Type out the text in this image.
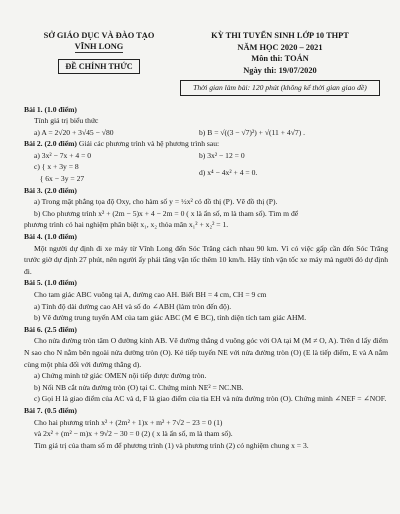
SỞ GIÁO DỤC VÀ ĐÀO TẠO
VĨNH LONG
ĐỀ CHÍNH THỨC
KỲ THI TUYỂN SINH LỚP 10 THPT
NĂM HỌC 2020 – 2021
Môn thi: TOÁN
Ngày thi: 19/07/2020
Thời gian làm bài: 120 phút (không kể thời gian giao đề)
Bài 1. (1.0 điểm)
Tính giá trị biểu thức
a) A = 2√20 + 3√45 − √80	b) B = √((3 − √7)²) + √(11 + 4√7) .
Bài 2. (2.0 điểm) Giải các phương trình và hệ phương trình sau:
a) 3x² − 7x + 4 = 0	b) 3x² − 12 = 0
c) { x + 3y = 8
{ 6x − 3y = 27
d) x⁴ − 4x² + 4 = 0.
Bài 3. (2.0 điểm)
a) Trong mặt phẳng tọa độ Oxy, cho hàm số y = ½x² có đồ thị (P). Vẽ đồ thị (P).
b) Cho phương trình x² + (2m − 5)x + 4 − 2m = 0 ( x là ẩn số, m là tham số). Tìm m để
phương trình có hai nghiệm phân biệt x₁, x₂ thỏa mãn x₁² + x₂² = 1.
Bài 4. (1.0 điểm)
Một người dự định đi xe máy từ Vĩnh Long đến Sóc Trăng cách nhau 90 km. Vì có việc gấp cần đến Sóc Trăng trước giờ dự định 27 phút, nên người ấy phải tăng vận tốc thêm 10 km/h. Hãy tính vận tốc xe máy mà người đó dự định đi.
Bài 5. (1.0 điểm)
Cho tam giác ABC vuông tại A, đường cao AH. Biết BH = 4 cm, CH = 9 cm
a) Tính độ dài đường cao AH và số đo ∠ABH (làm tròn đến độ).
b) Vẽ đường trung tuyến AM của tam giác ABC (M ∈ BC), tính diện tích tam giác AHM.
Bài 6. (2.5 điểm)
Cho nửa đường tròn tâm O đường kính AB. Vẽ đường thẳng d vuông góc với OA tại M (M ≠ O, A). Trên d lấy điểm N sao cho N nằm bên ngoài nửa đường tròn (O). Kẻ tiếp tuyến NE với nửa đường tròn (O) (E là tiếp điểm, E và A nằm cùng một phía đối với đường thẳng d).
a) Chứng minh tứ giác OMEN nội tiếp được đường tròn.
b) Nối NB cắt nửa đường tròn (O) tại C. Chứng minh NE² = NC.NB.
c) Gọi H là giao điểm của AC và d, F là giao điểm của tia EH và nửa đường tròn (O). Chứng minh ∠NEF = ∠NOF.
Bài 7. (0.5 điểm)
Cho hai phương trình x² + (2m² + 1)x + m² + 7√2 − 23 = 0 (1)
và 2x² + (m² − m)x + 9√2 − 30 = 0 (2) ( x là ẩn số, m là tham số).
Tìm giá trị của tham số m để phương trình (1) và phương trình (2) có nghiệm chung x = 3.
